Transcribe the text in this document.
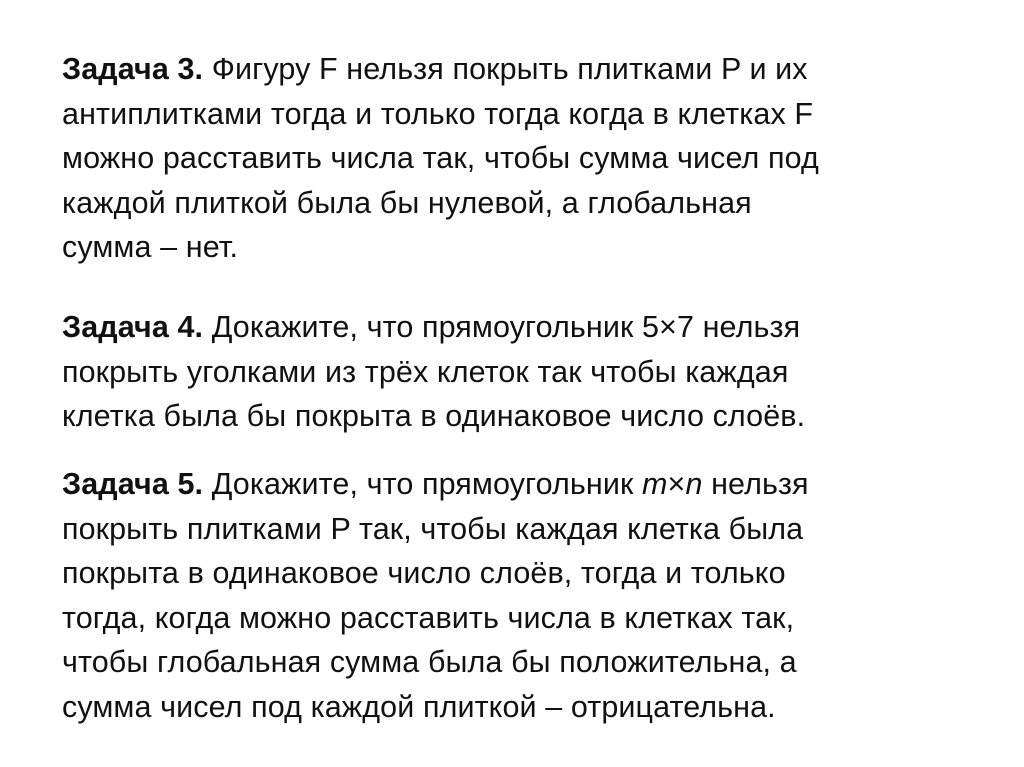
Задача 3. Фигуру F нельзя покрыть плитками P и их
антиплитками тогда и только тогда когда в клетках F
можно расставить числа так, чтобы сумма чисел под
каждой плиткой была бы нулевой, а глобальная
сумма – нет.

Задача 4. Докажите, что прямоугольник 5×7 нельзя
покрыть уголками из трёх клеток так чтобы каждая
клетка была бы покрыта в одинаковое число слоёв.

Задача 5. Докажите, что прямоугольник m×n нельзя
покрыть плитками P так, чтобы каждая клетка была
покрыта в одинаковое число слоёв, тогда и только
тогда, когда можно расставить числа в клетках так,
чтобы глобальная сумма была бы положительна, а
сумма чисел под каждой плиткой – отрицательна.
